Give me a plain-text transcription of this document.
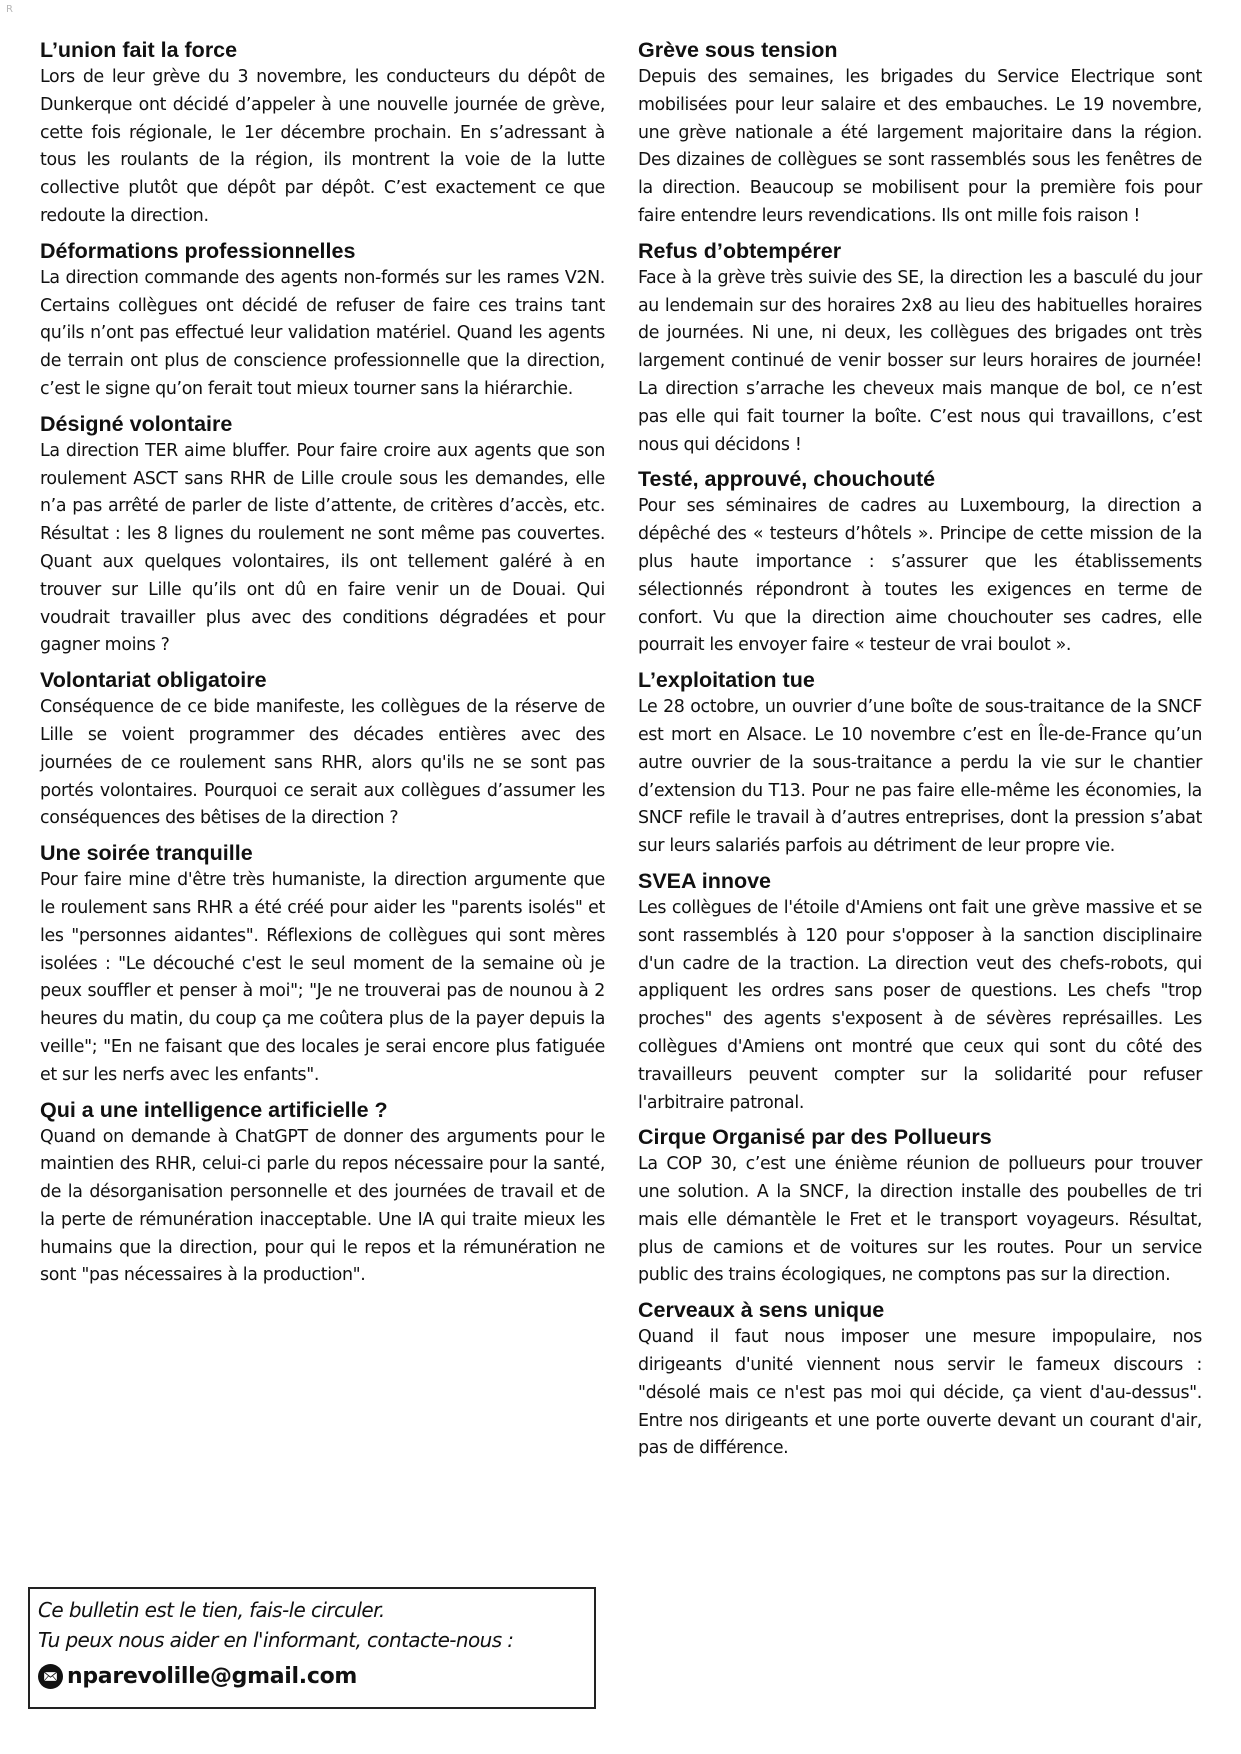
R
L’union fait la force

Lors de leur grève du 3 novembre, les conducteurs du dépôt de Dunkerque ont décidé d’appeler à une nouvelle journée de grève, cette fois régionale, le 1er décembre prochain. En s’adressant à tous les roulants de la région, ils montrent la voie de la lutte collective plutôt que dépôt par dépôt. C’est exactement ce que redoute la direction.

Déformations professionnelles

La direction commande des agents non-formés sur les rames V2N. Certains collègues ont décidé de refuser de faire ces trains tant qu’ils n’ont pas effectué leur validation matériel. Quand les agents de terrain ont plus de conscience professionnelle que la direction, c’est le signe qu’on ferait tout mieux tourner sans la hiérarchie.

Désigné volontaire

La direction TER aime bluffer. Pour faire croire aux agents que son roulement ASCT sans RHR de Lille croule sous les demandes, elle n’a pas arrêté de parler de liste d’attente, de critères d’accès, etc. Résultat : les 8 lignes du roulement ne sont même pas couvertes. Quant aux quelques volontaires, ils ont tellement galéré à en trouver sur Lille qu’ils ont dû en faire venir un de Douai. Qui voudrait travailler plus avec des conditions dégradées et pour gagner moins ?

Volontariat obligatoire

Conséquence de ce bide manifeste, les collègues de la réserve de Lille se voient programmer des décades entières avec des journées de ce roulement sans RHR, alors qu'ils ne se sont pas portés volontaires. Pourquoi ce serait aux collègues d’assumer les conséquences des bêtises de la direction ?

Une soirée tranquille

Pour faire mine d'être très humaniste, la direction argumente que le roulement sans RHR a été créé pour aider les "parents isolés" et les "personnes aidantes". Réflexions de collègues qui sont mères isolées : "Le découché c'est le seul moment de la semaine où je peux souffler et penser à moi"; "Je ne trouverai pas de nounou à 2 heures du matin, du coup ça me coûtera plus de la payer depuis la veille"; "En ne faisant que des locales je serai encore plus fatiguée et sur les nerfs avec les enfants".

Qui a une intelligence artificielle ?

Quand on demande à ChatGPT de donner des arguments pour le maintien des RHR, celui-ci parle du repos nécessaire pour la santé, de la désorganisation personnelle et des journées de travail et de la perte de rémunération inacceptable. Une IA qui traite mieux les humains que la direction, pour qui le repos et la rémunération ne sont "pas nécessaires à la production".

Grève sous tension

Depuis des semaines, les brigades du Service Electrique sont mobilisées pour leur salaire et des embauches. Le 19 novembre, une grève nationale a été largement majoritaire dans la région. Des dizaines de collègues se sont rassemblés sous les fenêtres de la direction. Beaucoup se mobilisent pour la première fois pour faire entendre leurs revendications. Ils ont mille fois raison !

Refus d’obtempérer

Face à la grève très suivie des SE, la direction les a basculé du jour au lendemain sur des horaires 2x8 au lieu des habituelles horaires de journées. Ni une, ni deux, les collègues des brigades ont très largement continué de venir bosser sur leurs horaires de journée! La direction s’arrache les cheveux mais manque de bol, ce n’est pas elle qui fait tourner la boîte. C’est nous qui travaillons, c’est nous qui décidons !

Testé, approuvé, chouchouté

Pour ses séminaires de cadres au Luxembourg, la direction a dépêché des « testeurs d’hôtels ». Principe de cette mission de la plus haute importance : s’assurer que les établissements sélectionnés répondront à toutes les exigences en terme de confort. Vu que la direction aime chouchouter ses cadres, elle pourrait les envoyer faire « testeur de vrai boulot ».

L’exploitation tue

Le 28 octobre, un ouvrier d’une boîte de sous-traitance de la SNCF est mort en Alsace. Le 10 novembre c’est en Île-de-France qu’un autre ouvrier de la sous-traitance a perdu la vie sur le chantier d’extension du T13. Pour ne pas faire elle-même les économies, la SNCF refile le travail à d’autres entreprises, dont la pression s’abat sur leurs salariés parfois au détriment de leur propre vie.

SVEA innove

Les collègues de l'étoile d'Amiens ont fait une grève massive et se sont rassemblés à 120 pour s'opposer à la sanction disciplinaire d'un cadre de la traction. La direction veut des chefs-robots, qui appliquent les ordres sans poser de questions. Les chefs "trop proches" des agents s'exposent à de sévères représailles. Les collègues d'Amiens ont montré que ceux qui sont du côté des travailleurs peuvent compter sur la solidarité pour refuser l'arbitraire patronal.

Cirque Organisé par des Pollueurs

La COP 30, c’est une énième réunion de pollueurs pour trouver une solution. A la SNCF, la direction installe des poubelles de tri mais elle démantèle le Fret et le transport voyageurs. Résultat, plus de camions et de voitures sur les routes. Pour un service public des trains écologiques, ne comptons pas sur la direction.

Cerveaux à sens unique

Quand il faut nous imposer une mesure impopulaire, nos dirigeants d'unité viennent nous servir le fameux discours : "désolé mais ce n'est pas moi qui décide, ça vient d'au-dessus". Entre nos dirigeants et une porte ouverte devant un courant d'air, pas de différence.

Ce bulletin est le tien, fais-le circuler.
Tu peux nous aider en l'informant, contacte-nous :
nparevolille@gmail.com
